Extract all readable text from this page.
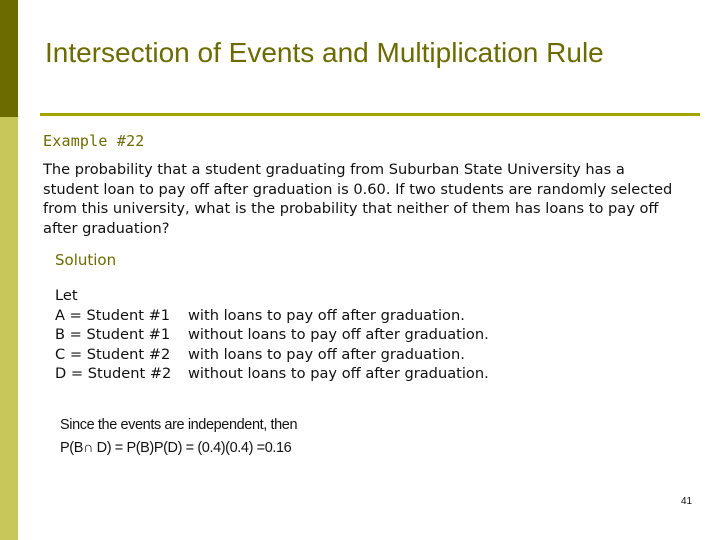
Intersection of Events and Multiplication Rule
Example #22
The probability that a student graduating from Suburban State University has a student loan to pay off after graduation is 0.60. If two students are randomly selected from this university, what is the probability that neither of them has loans to pay off after graduation?
Solution
Let
A = Student #1	with loans to pay off after graduation.
B = Student #1	without loans to pay off after graduation.
C = Student #2	with loans to pay off after graduation.
D = Student #2	without loans to pay off after graduation.
Since the events are independent, then
P(B∩ D) = P(B)P(D) = (0.4)(0.4) =0.16
41
